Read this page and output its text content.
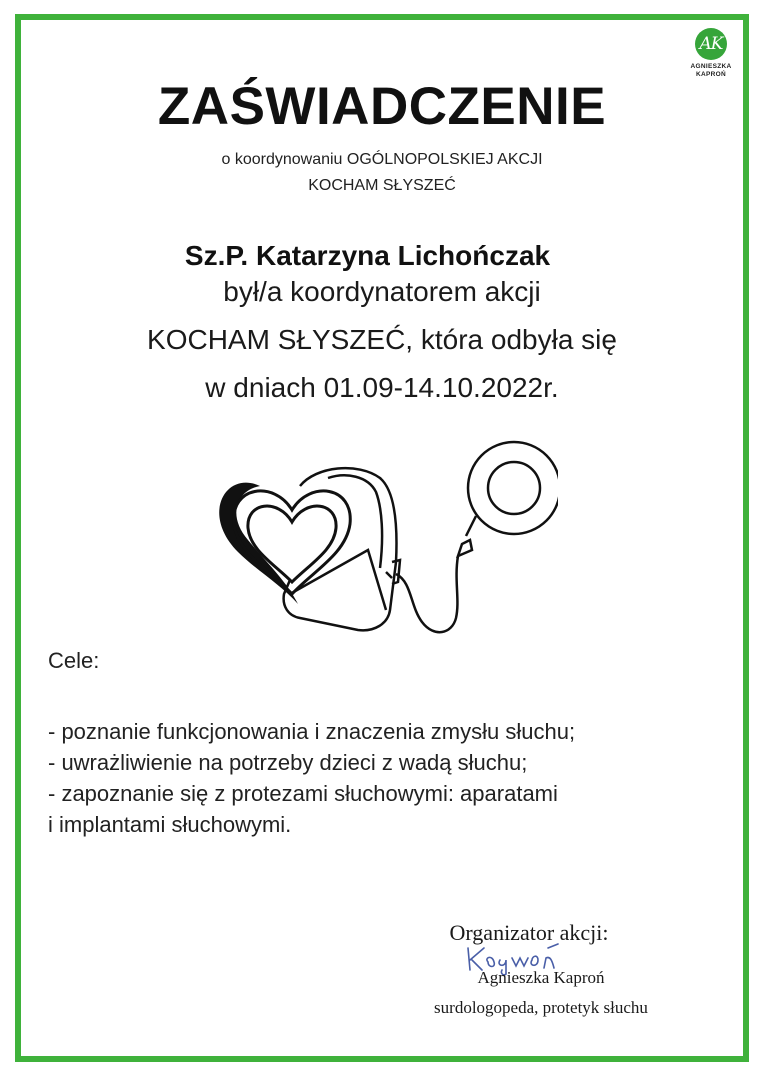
AK
AGNIESZKA
KAPROŃ
ZAŚWIADCZENIE
o koordynowaniu OGÓLNOPOLSKIEJ AKCJI
KOCHAM SŁYSZEĆ
Sz.P. Katarzyna Lichończak
był/a koordynatorem akcji
KOCHAM SŁYSZEĆ, która odbyła się
w dniach 01.09-14.10.2022r.
Cele:
- poznanie funkcjonowania i znaczenia zmysłu słuchu;
- uwrażliwienie na potrzeby dzieci z wadą słuchu;
- zapoznanie się z protezami słuchowymi: aparatami
i implantami słuchowymi.
Organizator akcji:
Agnieszka Kaproń
surdologopeda, protetyk słuchu
